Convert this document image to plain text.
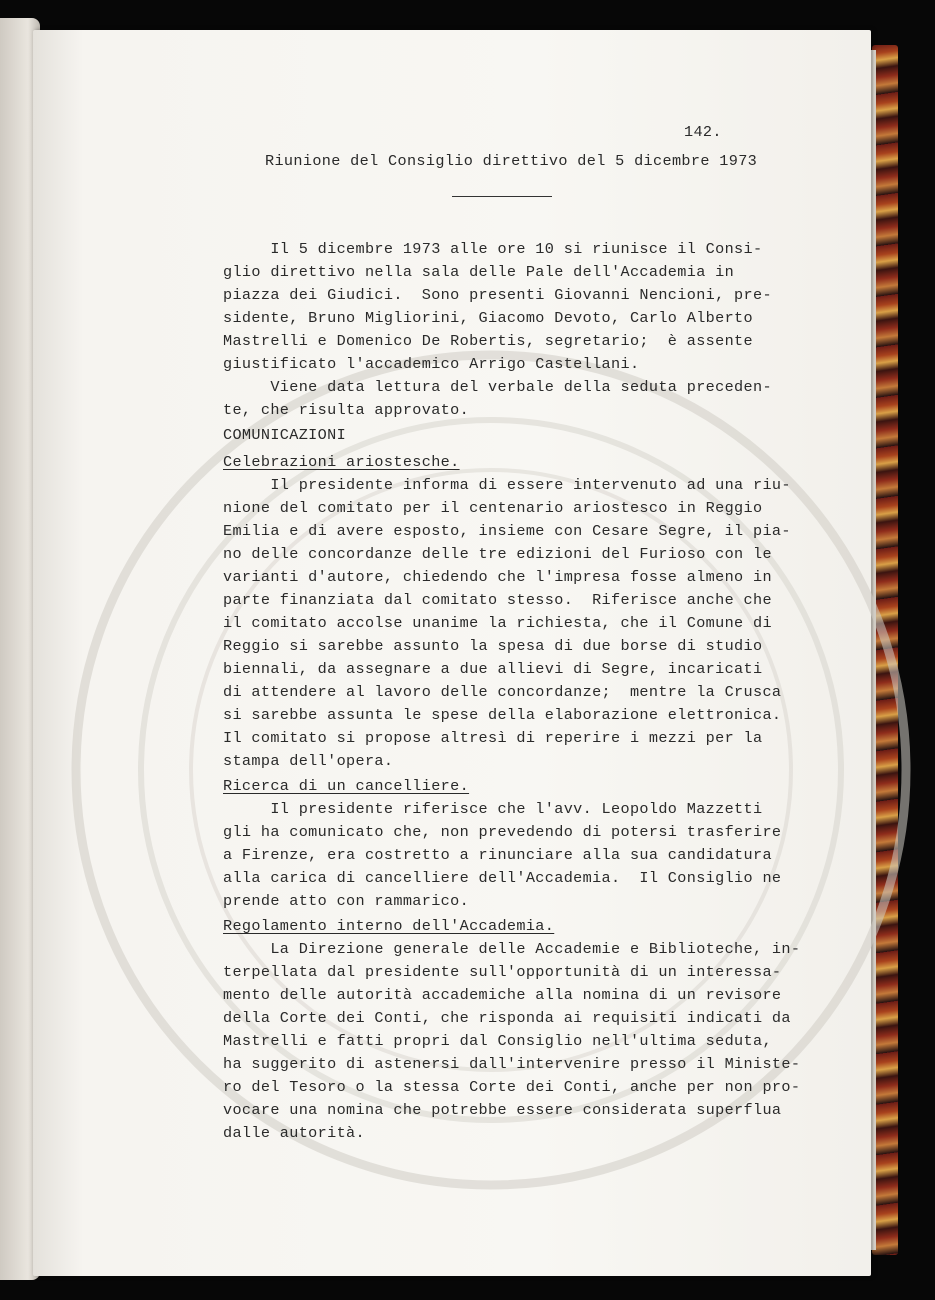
142.
Riunione del Consiglio direttivo del 5 dicembre 1973
Il 5 dicembre 1973 alle ore 10 si riunisce il Consi-
glio direttivo nella sala delle Pale dell'Accademia in
piazza dei Giudici.  Sono presenti Giovanni Nencioni, pre-
sidente, Bruno Migliorini, Giacomo Devoto, Carlo Alberto
Mastrelli e Domenico De Robertis, segretario;  è assente
giustificato l'accademico Arrigo Castellani.
Viene data lettura del verbale della seduta preceden-
te, che risulta approvato.
COMUNICAZIONI
Celebrazioni ariostesche.
Il presidente informa di essere intervenuto ad una riu-
nione del comitato per il centenario ariostesco in Reggio
Emilia e di avere esposto, insieme con Cesare Segre, il pia-
no delle concordanze delle tre edizioni del Furioso con le
varianti d'autore, chiedendo che l'impresa fosse almeno in
parte finanziata dal comitato stesso.  Riferisce anche che
il comitato accolse unanime la richiesta, che il Comune di
Reggio si sarebbe assunto la spesa di due borse di studio
biennali, da assegnare a due allievi di Segre, incaricati
di attendere al lavoro delle concordanze;  mentre la Crusca
si sarebbe assunta le spese della elaborazione elettronica.
Il comitato si propose altresì di reperire i mezzi per la
stampa dell'opera.
Ricerca di un cancelliere.
Il presidente riferisce che l'avv. Leopoldo Mazzetti
gli ha comunicato che, non prevedendo di potersi trasferire
a Firenze, era costretto a rinunciare alla sua candidatura
alla carica di cancelliere dell'Accademia.  Il Consiglio ne
prende atto con rammarico.
Regolamento interno dell'Accademia.
La Direzione generale delle Accademie e Biblioteche, in-
terpellata dal presidente sull'opportunità di un interessa-
mento delle autorità accademiche alla nomina di un revisore
della Corte dei Conti, che risponda ai requisiti indicati da
Mastrelli e fatti propri dal Consiglio nell'ultima seduta,
ha suggerito di astenersi dall'intervenire presso il Ministe-
ro del Tesoro o la stessa Corte dei Conti, anche per non pro-
vocare una nomina che potrebbe essere considerata superflua
dalle autorità.
